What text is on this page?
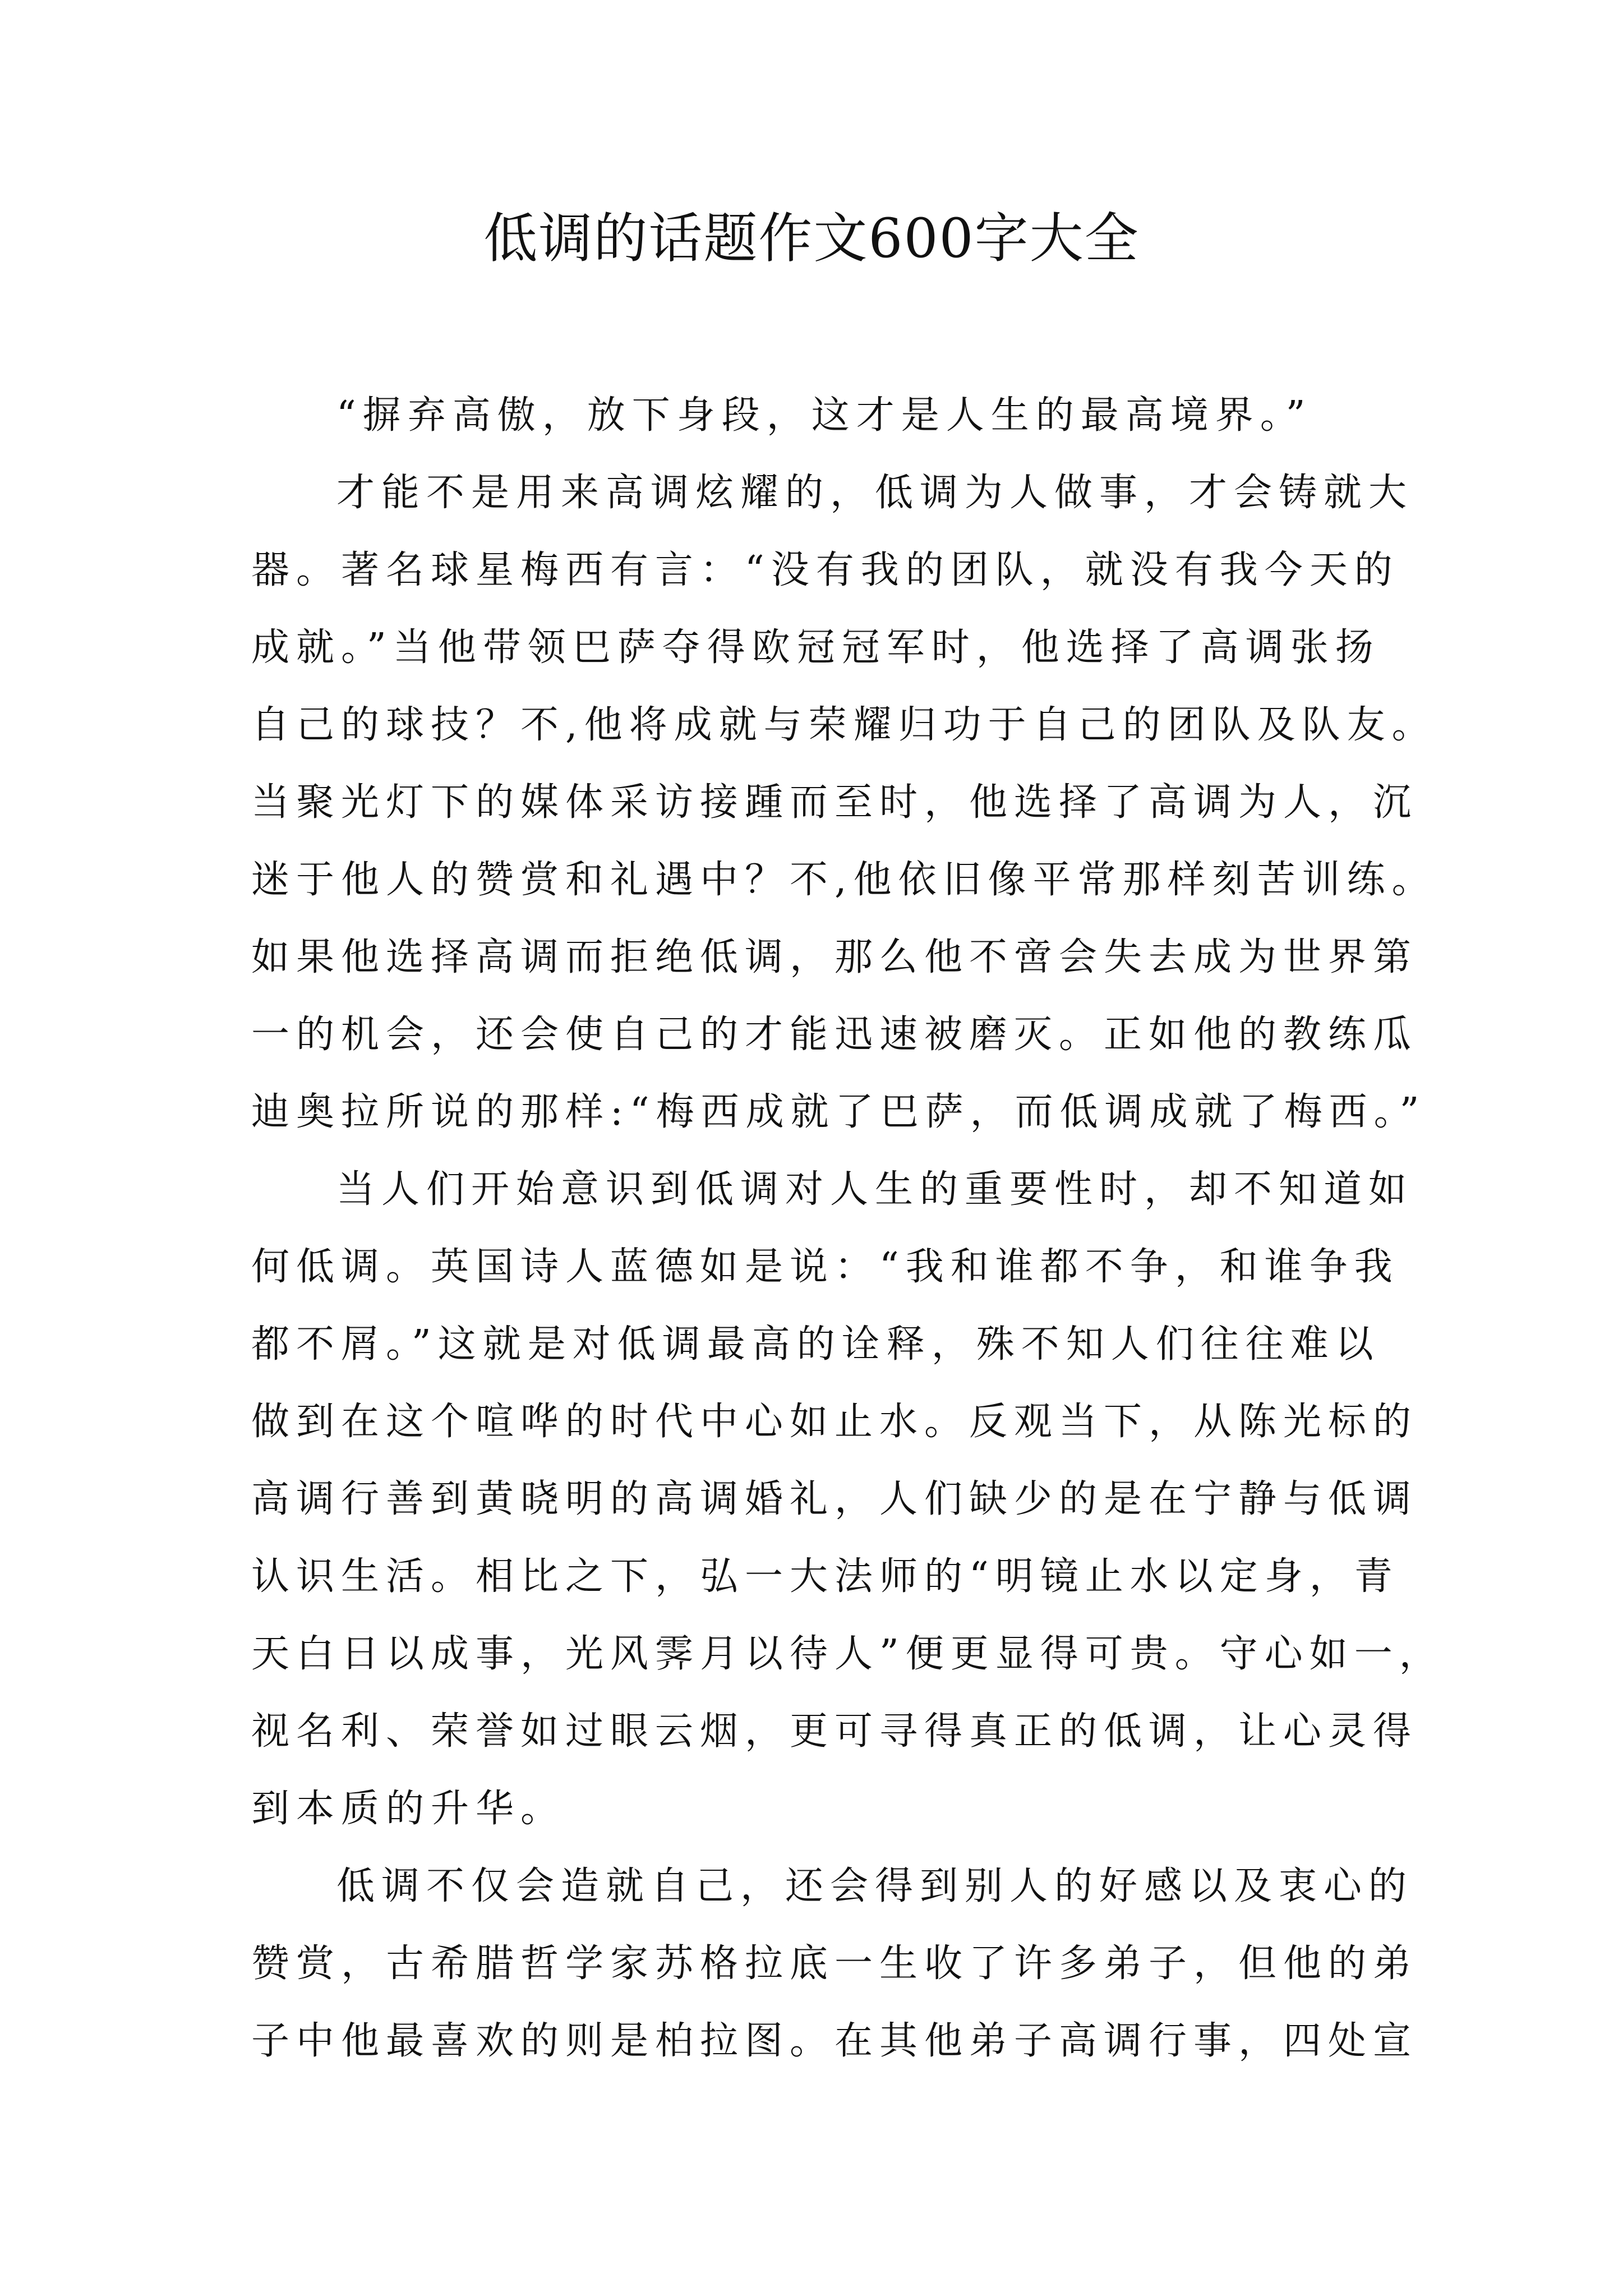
低调的话题作文600字大全
“摒弃高傲，放下身段，这才是人生的最高境界。”
才能不是用来高调炫耀的，低调为人做事，才会铸就大
器。著名球星梅西有言：“没有我的团队，就没有我今天的
成就。”当他带领巴萨夺得欧冠冠军时，他选择了高调张扬
自己的球技？不,他将成就与荣耀归功于自己的团队及队友。
当聚光灯下的媒体采访接踵而至时，他选择了高调为人，沉
迷于他人的赞赏和礼遇中？不,他依旧像平常那样刻苦训练。
如果他选择高调而拒绝低调，那么他不啻会失去成为世界第
一的机会，还会使自己的才能迅速被磨灭。正如他的教练瓜
迪奥拉所说的那样:“梅西成就了巴萨，而低调成就了梅西。”
当人们开始意识到低调对人生的重要性时，却不知道如
何低调。英国诗人蓝德如是说：“我和谁都不争，和谁争我
都不屑。”这就是对低调最高的诠释，殊不知人们往往难以
做到在这个喧哗的时代中心如止水。反观当下，从陈光标的
高调行善到黄晓明的高调婚礼，人们缺少的是在宁静与低调
认识生活。相比之下，弘一大法师的“明镜止水以定身，青
天白日以成事，光风霁月以待人”便更显得可贵。守心如一，
视名利、荣誉如过眼云烟，更可寻得真正的低调，让心灵得
到本质的升华。
低调不仅会造就自己，还会得到别人的好感以及衷心的
赞赏，古希腊哲学家苏格拉底一生收了许多弟子，但他的弟
子中他最喜欢的则是柏拉图。在其他弟子高调行事，四处宣
